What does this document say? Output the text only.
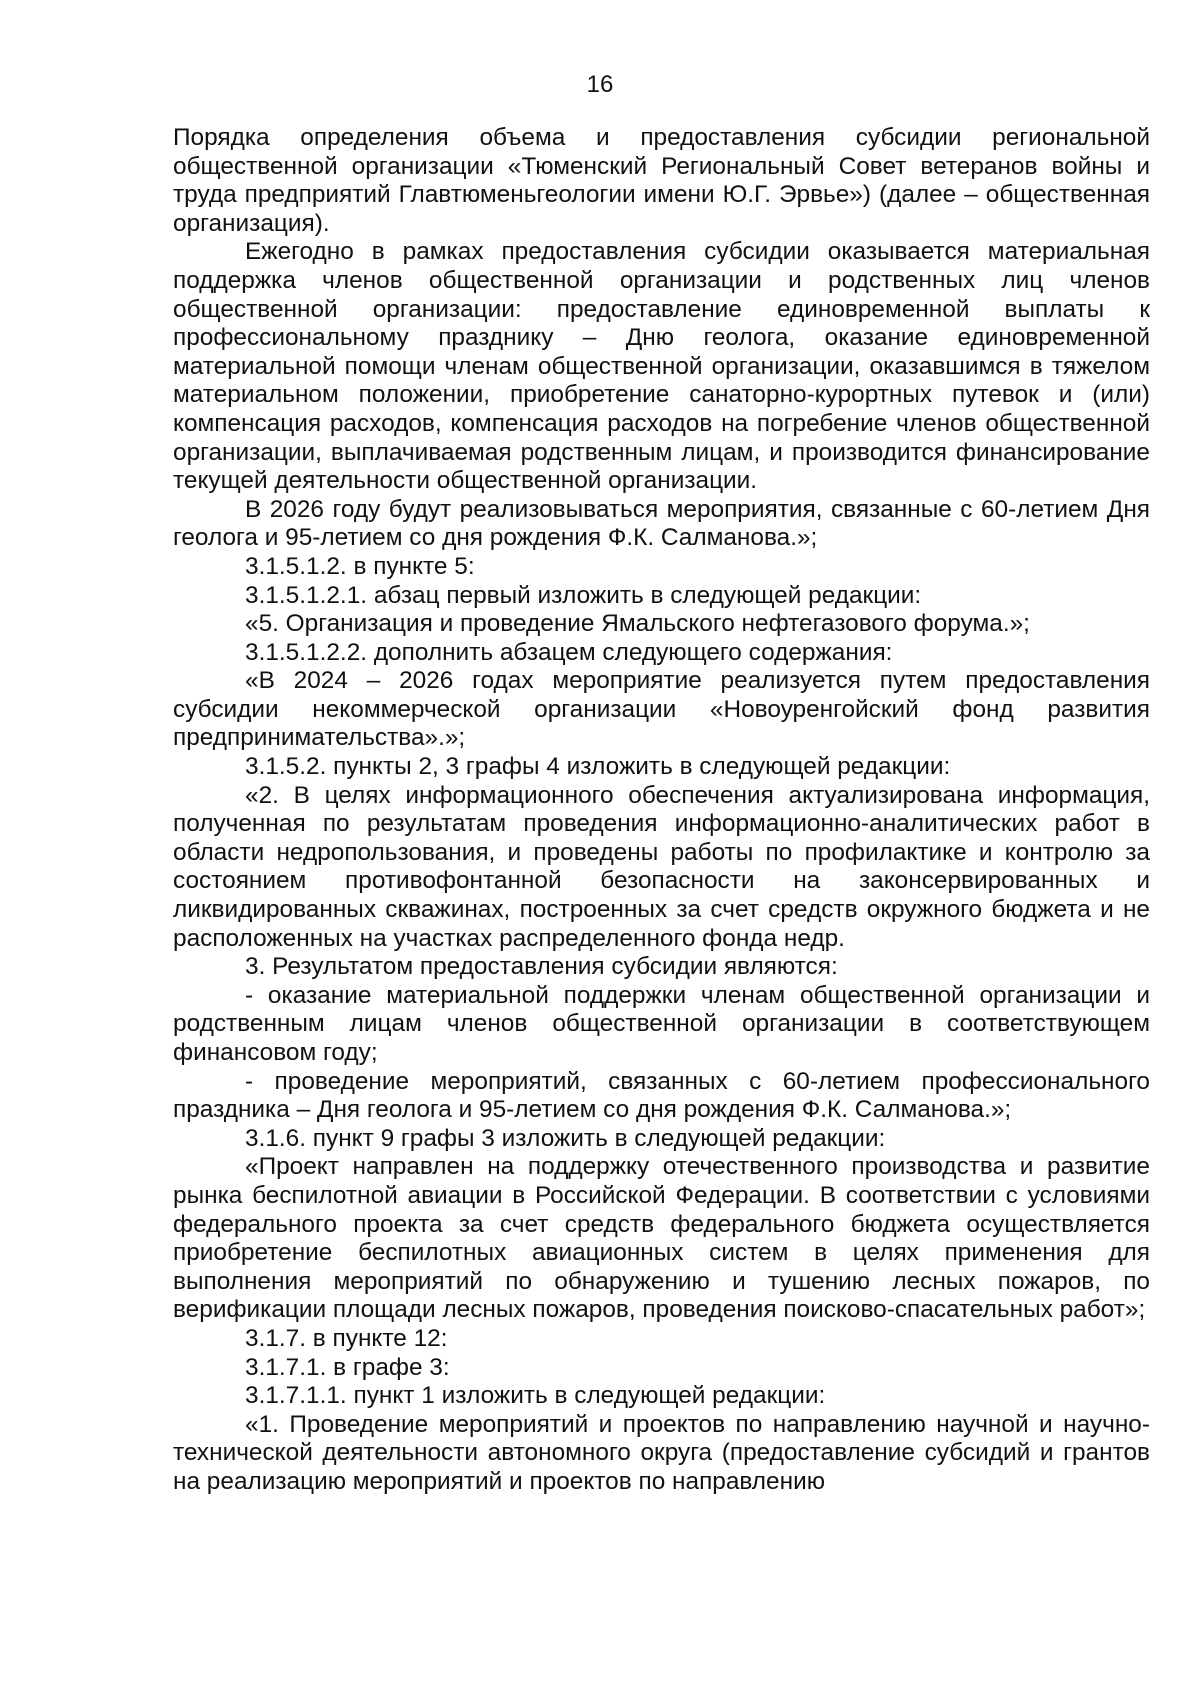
16

Порядка определения объема и предоставления субсидии региональной общественной организации «Тюменский Региональный Совет ветеранов войны и труда предприятий Главтюменьгеологии имени Ю.Г. Эрвье») (далее – общественная организация).

Ежегодно в рамках предоставления субсидии оказывается материальная поддержка членов общественной организации и родственных лиц членов общественной организации: предоставление единовременной выплаты к профессиональному празднику – Дню геолога, оказание единовременной материальной помощи членам общественной организации, оказавшимся в тяжелом материальном положении, приобретение санаторно-курортных путевок и (или) компенсация расходов, компенсация расходов на погребение членов общественной организации, выплачиваемая родственным лицам, и производится финансирование текущей деятельности общественной организации.

В 2026 году будут реализовываться мероприятия, связанные с 60-летием Дня геолога и 95-летием со дня рождения Ф.К. Салманова.»;

3.1.5.1.2. в пункте 5:

3.1.5.1.2.1. абзац первый изложить в следующей редакции:

«5. Организация и проведение Ямальского нефтегазового форума.»;

3.1.5.1.2.2. дополнить абзацем следующего содержания:

«В 2024 – 2026 годах мероприятие реализуется путем предоставления субсидии некоммерческой организации «Новоуренгойский фонд развития предпринимательства».»;

3.1.5.2. пункты 2, 3 графы 4 изложить в следующей редакции:

«2. В целях информационного обеспечения актуализирована информация, полученная по результатам проведения информационно-аналитических работ в области недропользования, и проведены работы по профилактике и контролю за состоянием противофонтанной безопасности на законсервированных и ликвидированных скважинах, построенных за счет средств окружного бюджета и не расположенных на участках распределенного фонда недр.

3. Результатом предоставления субсидии являются:

- оказание материальной поддержки членам общественной организации и родственным лицам членов общественной организации в соответствующем финансовом году;

- проведение мероприятий, связанных с 60-летием профессионального праздника – Дня геолога и 95-летием со дня рождения Ф.К. Салманова.»;

3.1.6. пункт 9 графы 3 изложить в следующей редакции:

«Проект направлен на поддержку отечественного производства и развитие рынка беспилотной авиации в Российской Федерации. В соответствии с условиями федерального проекта за счет средств федерального бюджета осуществляется приобретение беспилотных авиационных систем в целях применения для выполнения мероприятий по обнаружению и тушению лесных пожаров, по верификации площади лесных пожаров, проведения поисково-спасательных работ»;

3.1.7. в пункте 12:

3.1.7.1. в графе 3:

3.1.7.1.1. пункт 1 изложить в следующей редакции:

«1. Проведение мероприятий и проектов по направлению научной и научно-технической деятельности автономного округа (предоставление субсидий и грантов на реализацию мероприятий и проектов по направлению
